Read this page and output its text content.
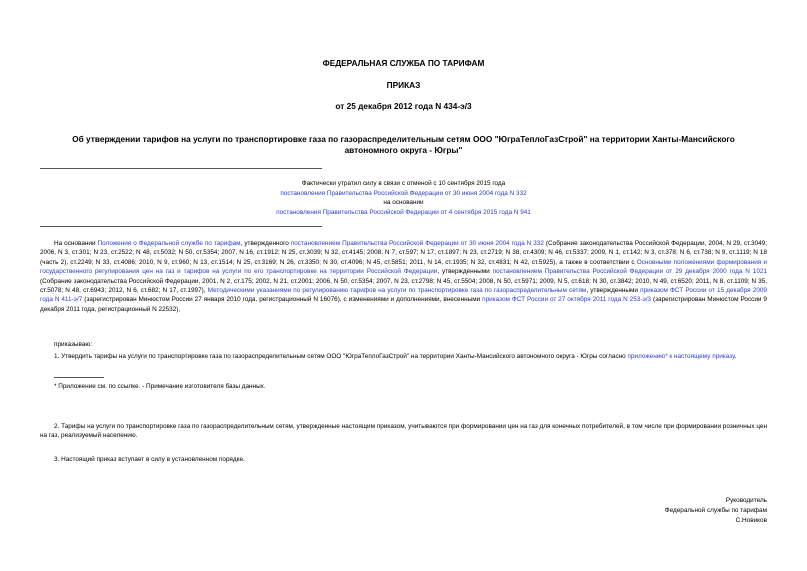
ФЕДЕРАЛЬНАЯ СЛУЖБА ПО ТАРИФАМ
ПРИКАЗ
от 25 декабря 2012 года N 434-э/3
Об утверждении тарифов на услуги по транспортировке газа по газораспределительным сетям ООО "ЮграТеплоГазСтрой" на территории Ханты-Мансийского
автономного округа - Югры"
Фактически утратил силу в связи с отменой с 10 сентября 2015 года
постановления Правительства Российской Федерации от 30 июня 2004 года N 332
на основании
постановления Правительства Российской Федерации от 4 сентября 2015 года N 941
На основании Положения о Федеральной службе по тарифам, утвержденного постановлением Правительства Российской Федерации от 30 июня 2004 года N 332 (Собрание законодательства Российской Федерации, 2004, N 29, ст.3049; 2006, N 3, ст.301; N 23, ст.2522; N 48, ст.5032; N 50, ст.5354; 2007, N 16, ст.1912; N 25, ст.3039; N 32, ст.4145; 2008, N 7, ст.597; N 17, ст.1897; N 23, ст.2719; N 38, ст.4309; N 46, ст.5337; 2009, N 1, ст.142; N 3, ст.378; N 6, ст.738; N 9, ст.1119; N 18 (часть 2), ст.2249; N 33, ст.4086; 2010, N 9, ст.960; N 13, ст.1514; N 25, ст.3169; N 26, ст.3350; N 30, ст.4096; N 45, ст.5851; 2011, N 14, ст.1935; N 32, ст.4831; N 42, ст.5925), а также в соответствии с Основными положениями формирования и государственного регулирования цен на газ и тарифов на услуги по его транспортировке на территории Российской Федерации, утвержденными постановлением Правительства Российской Федерации от 29 декабря 2000 года N 1021 (Собрание законодательства Российской Федерации, 2001, N 2, ст.175; 2002, N 21, ст.2001; 2006, N 50, ст.5354; 2007, N 23, ст.2798; N 45, ст.5504; 2008, N 50, ст.5971; 2009, N 5, ст.618; N 30, ст.3842; 2010, N 49, ст.6520; 2011, N 8, ст.1109; N 35, ст.5078; N 48, ст.6943; 2012, N 6, ст.682; N 17, ст.1997), Методическими указаниями по регулированию тарифов на услуги по транспортировке газа по газораспределительным сетям, утвержденными приказом ФСТ России от 15 декабря 2009 года N 411-э/7 (зарегистрирован Минюстом России 27 января 2010 года, регистрационный N 16076), с изменениями и дополнениями, внесенными приказом ФСТ России от 27 октября 2011 года N 253-э/3 (зарегистрирован Минюстом России 9 декабря 2011 года, регистрационный N 22532),
приказываю:
1. Утвердить тарифы на услуги по транспортировке газа по газораспределительным сетям ООО "ЮграТеплоГазСтрой" на территории Ханты-Мансийского автономного округа - Югры согласно приложению* к настоящему приказу.
* Приложение см. по ссылке. - Примечание изготовителя базы данных.
2. Тарифы на услуги по транспортировке газа по газораспределительным сетям, утвержденные настоящим приказом, учитываются при формировании цен на газ для конечных потребителей, в том числе при формировании розничных цен на газ, реализуемый населению.
3. Настоящий приказ вступает в силу в установленном порядке.
Руководитель
Федеральной службы по тарифам
С.Новиков
